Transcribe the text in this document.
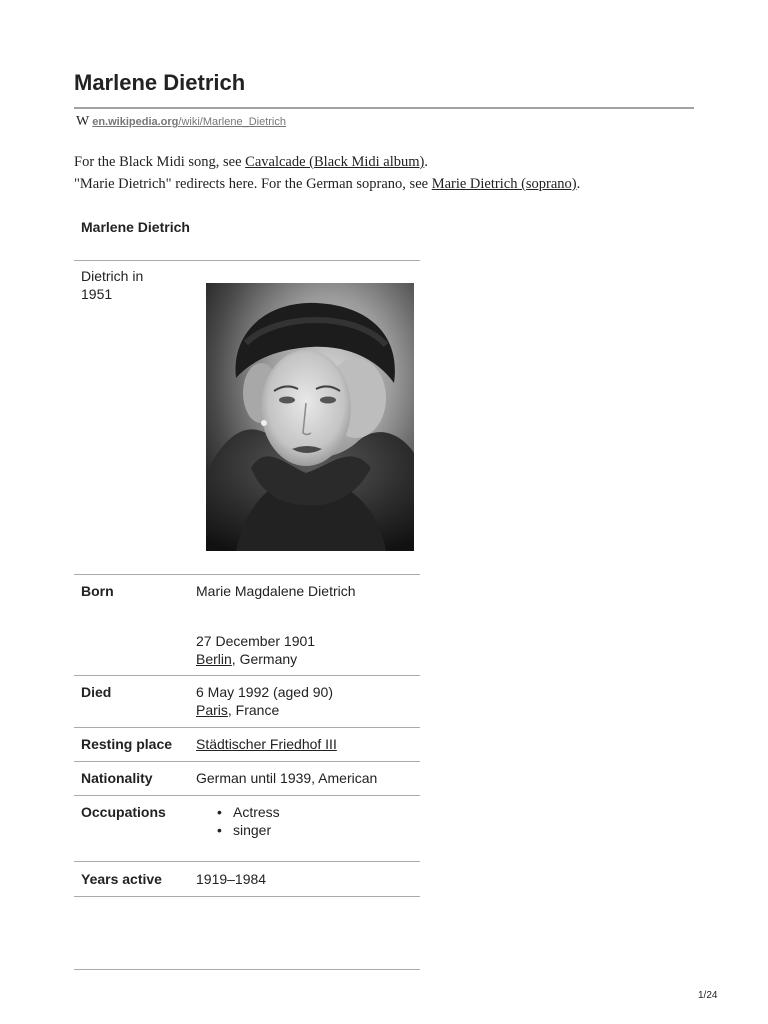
Marlene Dietrich
W en.wikipedia.org/wiki/Marlene_Dietrich
For the Black Midi song, see Cavalcade (Black Midi album).
"Marie Dietrich" redirects here. For the German soprano, see Marie Dietrich (soprano).
Marlene Dietrich
Dietrich in 1951
Born	Marie Magdalene Dietrich
27 December 1901
Berlin, Germany
Died	6 May 1992 (aged 90)
Paris, France
Resting place Städtischer Friedhof III
Nationality	German until 1939, American
Occupations
•	Actress
• singer
Years active 1919–1984
1/24
